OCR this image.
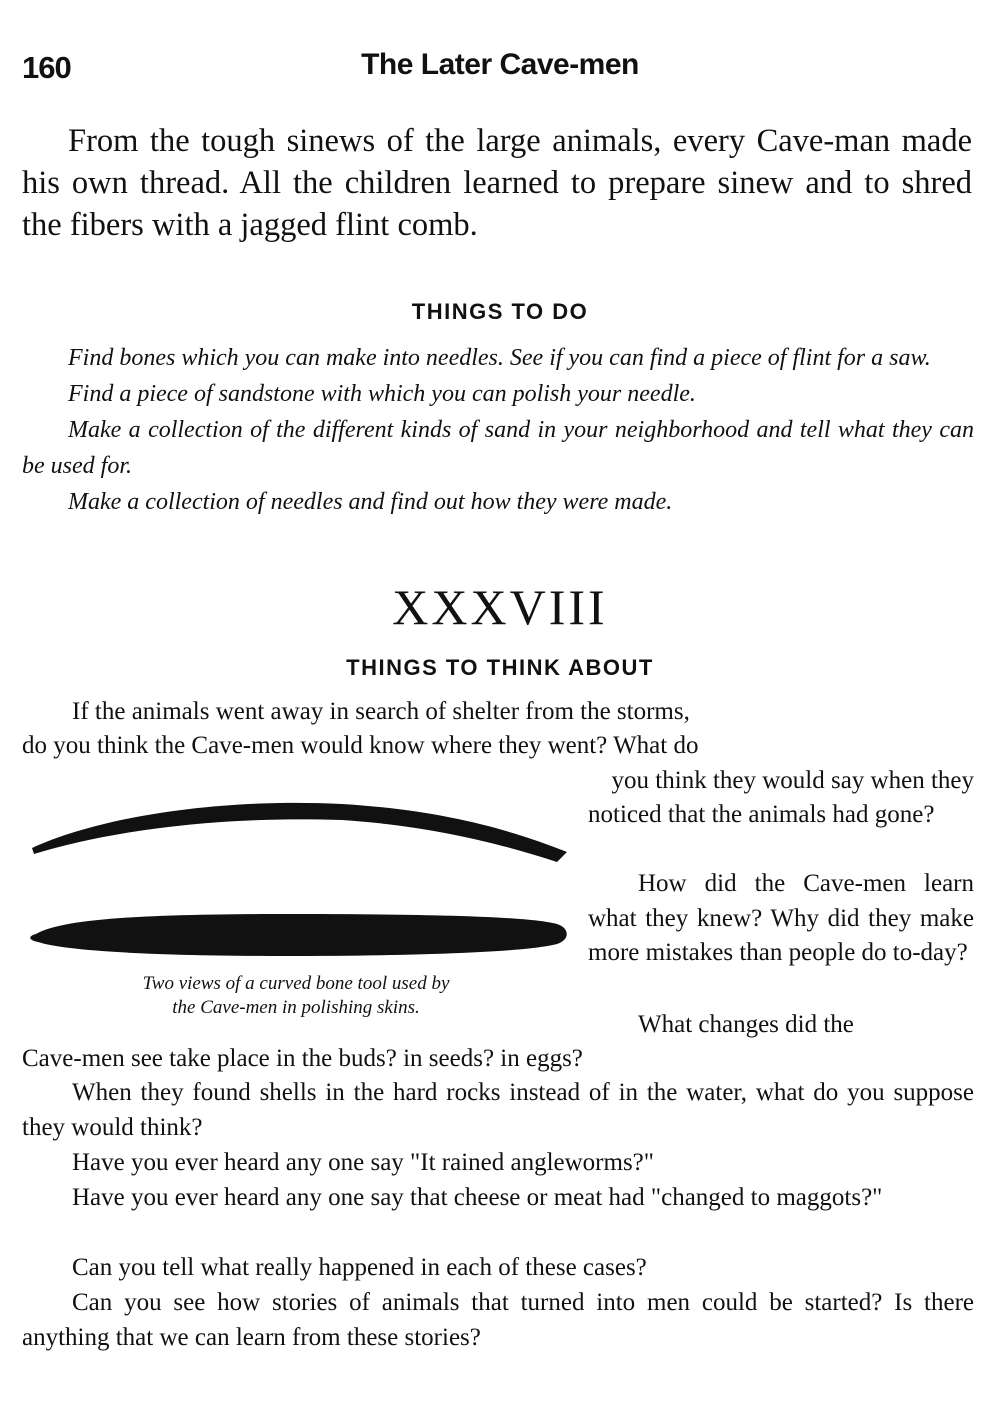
160	The Later Cave-men

From the tough sinews of the large animals, every Cave-man made his own thread. All the children learned to prepare sinew and to shred the fibers with a jagged flint comb.

THINGS TO DO
Find bones which you can make into needles. See if you can find a piece of flint for a saw.
Find a piece of sandstone with which you can polish your needle.
Make a collection of the different kinds of sand in your neighborhood and tell what they can be used for.
Make a collection of needles and find out how they were made.
XXXVIII
THINGS TO THINK ABOUT

If the animals went away in search of shelter from the storms,

do you think the Cave-men would know where they went? What do

you think they would say when they

Two views of a curved bone tool used by
the Cave-men in polishing skins.

noticed that the animals had gone?

How did the Cave-men learn what they knew? Why did they make more mistakes than people do to-day?

What changes did the

Cave-men see take place in the buds? in seeds? in eggs?

When they found shells in the hard rocks instead of in the water, what do you suppose they would think?

Have you ever heard any one say "It rained angleworms?"

Have you ever heard any one say that cheese or meat had "changed to maggots?"

Can you tell what really happened in each of these cases?

Can you see how stories of animals that turned into men could be started? Is there anything that we can learn from these stories?
